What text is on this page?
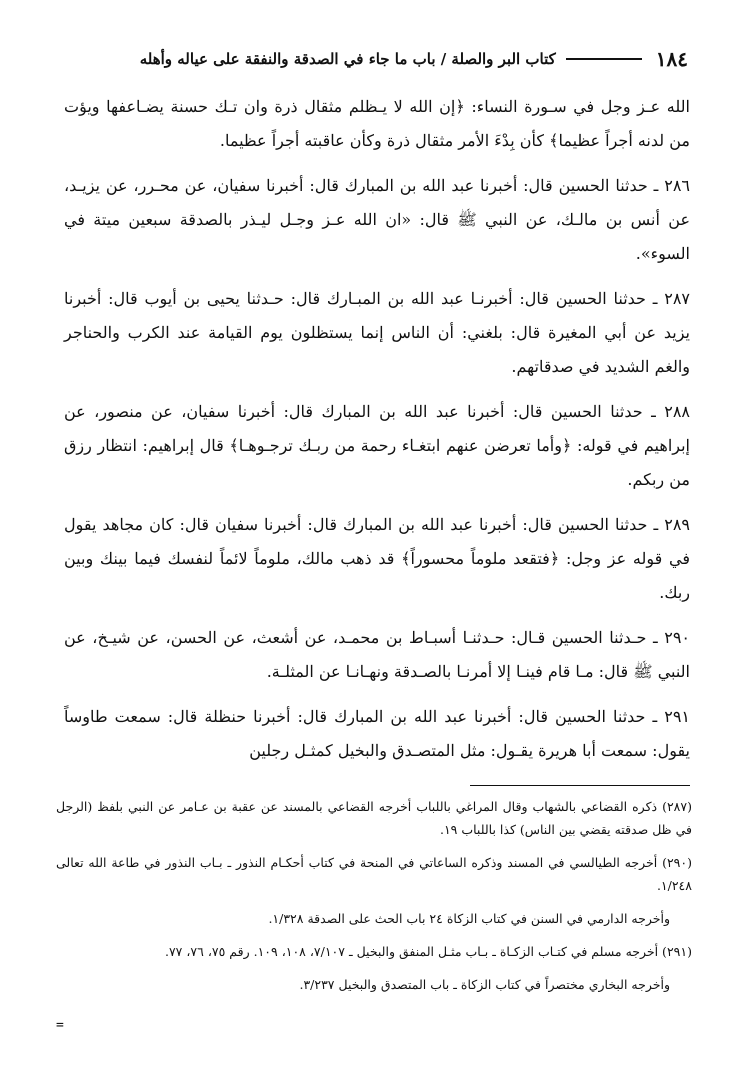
١٨٤
كتاب البر والصلة / باب ما جاء في الصدقة والنفقة على عياله وأهله

الله عـز وجل في سـورة النساء: ﴿إن الله لا يـظلم مثقال ذرة وان تـك حسنة يضـاعفها ويؤت من لدنه أجراً عظيما﴾ كأن بِدْءَ الأمر مثقال ذرة وكأن عاقبته أجراً عظيما.

٢٨٦ ـ حدثنا الحسين قال: أخبرنا عبد الله بن المبارك قال: أخبرنا سفيان، عن محـرر، عن يزيـد، عن أنس بن مالـك، عن النبي ﷺ قال: «ان الله عـز وجـل ليـذر بالصدقة سبعين ميتة في السوء».

٢٨٧ ـ حدثنا الحسين قال: أخبرنـا عبد الله بن المبـارك قال: حـدثنا يحيى بن أيوب قال: أخبرنا يزيد عن أبي المغيرة قال: بلغني: أن الناس إنما يستظلون يوم القيامة عند الكرب والحناجر والغم الشديد في صدقاتهم.

٢٨٨ ـ حدثنا الحسين قال: أخبرنا عبد الله بن المبارك قال: أخبرنا سفيان، عن منصور، عن إبراهيم في قوله: ﴿وأما تعرضن عنهم ابتغـاء رحمة من ربـك ترجـوهـا﴾ قال إبراهيم: انتظار رزق من ربكم.

٢٨٩ ـ حدثنا الحسين قال: أخبرنا عبد الله بن المبارك قال: أخبرنا سفيان قال: كان مجاهد يقول في قوله عز وجل: ﴿فتقعد ملوماً محسوراً﴾ قد ذهب مالك، ملوماً لائماً لنفسك فيما بينك وبين ربك.

٢٩٠ ـ حـدثنا الحسين قـال: حـدثنـا أسبـاط بن محمـد، عن أشعث، عن الحسن، عن شيـخ، عن النبي ﷺ قال: مـا قام فينـا إلا أمرنـا بالصـدقة ونهـانـا عن المثلـة.

٢٩١ ـ حدثنا الحسين قال: أخبرنا عبد الله بن المبارك قال: أخبرنا حنظلة قال: سمعت طاوساً يقول: سمعت أبا هريرة يقـول: مثل المتصـدق والبخيل كمثـل رجلين

(٢٨٧) ذكره القضاعي بالشهاب وقال المراغي باللباب أخرجه القضاعي بالمسند عن عقبة بن عـامر عن النبي بلفظ (الرجل في ظل صدقته يقضي بين الناس) كذا باللباب ١٩.

(٢٩٠) أخرجه الطيالسي في المسند وذكره الساعاتي في المنحة في كتاب أحكـام النذور ـ بـاب النذور في طاعة الله تعالى ١/٢٤٨.

وأخرجه الدارمي في السنن في كتاب الزكاة ٢٤ باب الحث على الصدقة ١/٣٢٨.

(٢٩١) أخرجه مسلم في كتـاب الزكـاة ـ بـاب مثـل المنفق والبخيل ـ ٧/١٠٧، ١٠٨، ١٠٩. رقم ٧٥، ٧٦، ٧٧.

وأخرجه البخاري مختصراً في كتاب الزكاة ـ باب المتصدق والبخيل ٣/٢٣٧.

=
